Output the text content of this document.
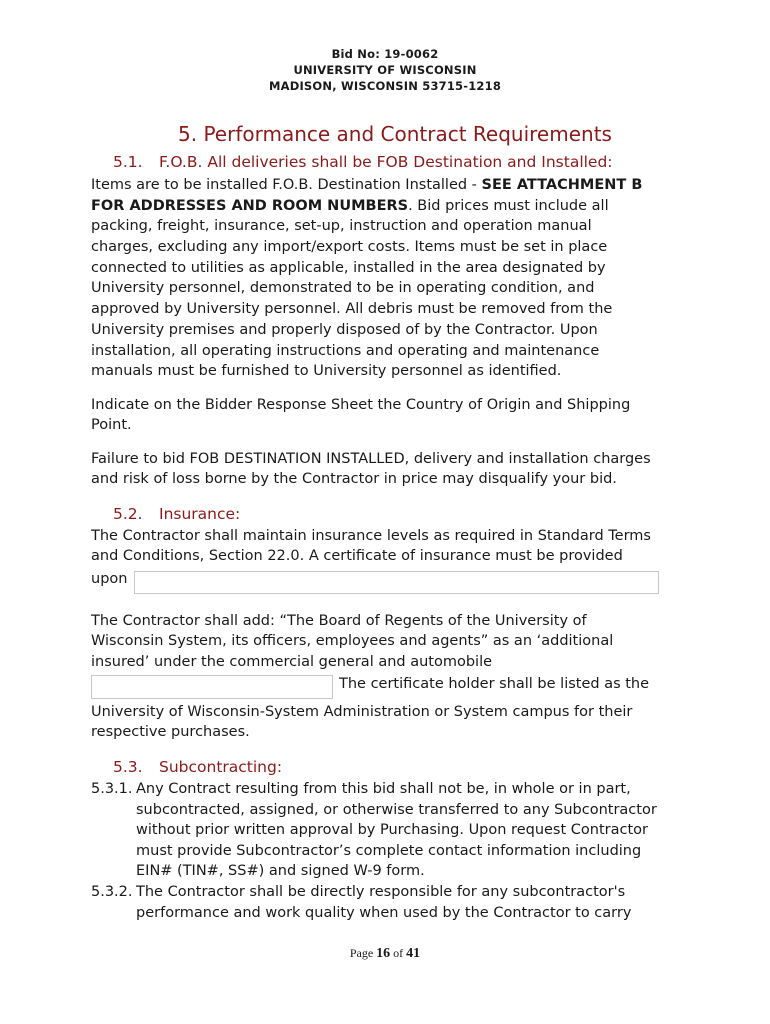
Bid No: 19-0062
UNIVERSITY OF WISCONSIN
MADISON, WISCONSIN 53715-1218
5. Performance and Contract Requirements
5.1. F.O.B. All deliveries shall be FOB Destination and Installed:
Items are to be installed F.O.B. Destination Installed - SEE ATTACHMENT B
FOR ADDRESSES AND ROOM NUMBERS. Bid prices must include all
packing, freight, insurance, set-up, instruction and operation manual
charges, excluding any import/export costs. Items must be set in place
connected to utilities as applicable, installed in the area designated by
University personnel, demonstrated to be in operating condition, and
approved by University personnel. All debris must be removed from the
University premises and properly disposed of by the Contractor. Upon
installation, all operating instructions and operating and maintenance
manuals must be furnished to University personnel as identified.
Indicate on the Bidder Response Sheet the Country of Origin and Shipping
Point.
Failure to bid FOB DESTINATION INSTALLED, delivery and installation charges
and risk of loss borne by the Contractor in price may disqualify your bid.
5.2. Insurance:
The Contractor shall maintain insurance levels as required in Standard Terms
and Conditions, Section 22.0. A certificate of insurance must be provided
upon
The Contractor shall add: “The Board of Regents of the University of
Wisconsin System, its officers, employees and agents” as an ‘additional
insured’ under the commercial general and automobile
The certificate holder shall be listed as the
University of Wisconsin-System Administration or System campus for their
respective purchases.
5.3. Subcontracting:
5.3.1. Any Contract resulting from this bid shall not be, in whole or in part,
subcontracted, assigned, or otherwise transferred to any Subcontractor
without prior written approval by Purchasing. Upon request Contractor
must provide Subcontractor’s complete contact information including
EIN# (TIN#, SS#) and signed W-9 form.
5.3.2. The Contractor shall be directly responsible for any subcontractor's
performance and work quality when used by the Contractor to carry
Page 16 of 41
